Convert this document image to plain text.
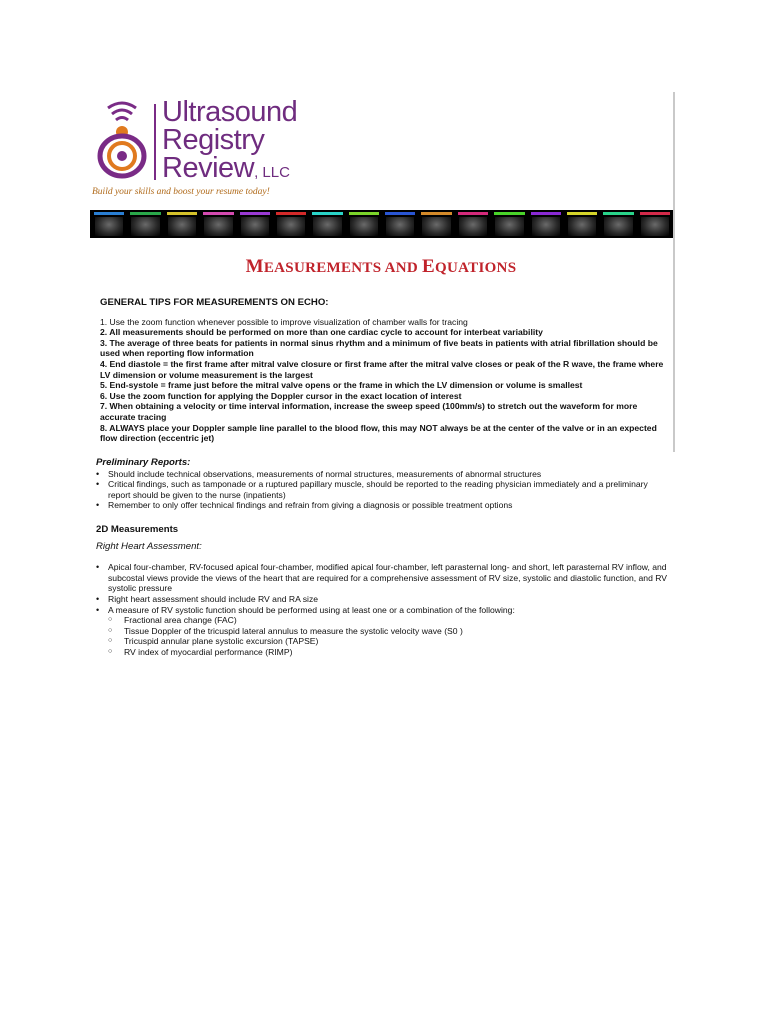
Ultrasound
Registry
Review, LLC
Build your skills and boost your resume today!
MEASUREMENTS AND EQUATIONS
GENERAL TIPS FOR MEASUREMENTS ON ECHO:
1. Use the zoom function whenever possible to improve visualization of chamber walls for tracing
2. All measurements should be performed on more than one cardiac cycle to account for interbeat variability
3. The average of three beats for patients in normal sinus rhythm and a minimum of five beats in patients with atrial fibrillation should be used when reporting flow information
4. End diastole = the first frame after mitral valve closure or first frame after the mitral valve closes or peak of the R wave, the frame where LV dimension or volume measurement is the largest
5. End-systole = frame just before the mitral valve opens or the frame in which the LV dimension or volume is smallest
6. Use the zoom function for applying the Doppler cursor in the exact location of interest
7. When obtaining a velocity or time interval information, increase the sweep speed (100mm/s) to stretch out the waveform for more accurate tracing
8. ALWAYS place your Doppler sample line parallel to the blood flow, this may NOT always be at the center of the valve or in an expected flow direction (eccentric jet)
Preliminary Reports:
• Should include technical observations, measurements of normal structures, measurements of abnormal structures
• Critical findings, such as tamponade or a ruptured papillary muscle, should be reported to the reading physician immediately and a preliminary report should be given to the nurse (inpatients)
• Remember to only offer technical findings and refrain from giving a diagnosis or possible treatment options
2D Measurements
Right Heart Assessment:
• Apical four-chamber, RV-focused apical four-chamber, modified apical four-chamber, left parasternal long- and short, left parasternal RV inflow, and subcostal views provide the views of the heart that are required for a comprehensive assessment of RV size, systolic and diastolic function, and RV systolic pressure
• Right heart assessment should include RV and RA size
• A measure of RV systolic function should be performed using at least one or a combination of the following:
○ Fractional area change (FAC)
○ Tissue Doppler of the tricuspid lateral annulus to measure the systolic velocity wave (S0 )
○ Tricuspid annular plane systolic excursion (TAPSE)
○ RV index of myocardial performance (RIMP)
